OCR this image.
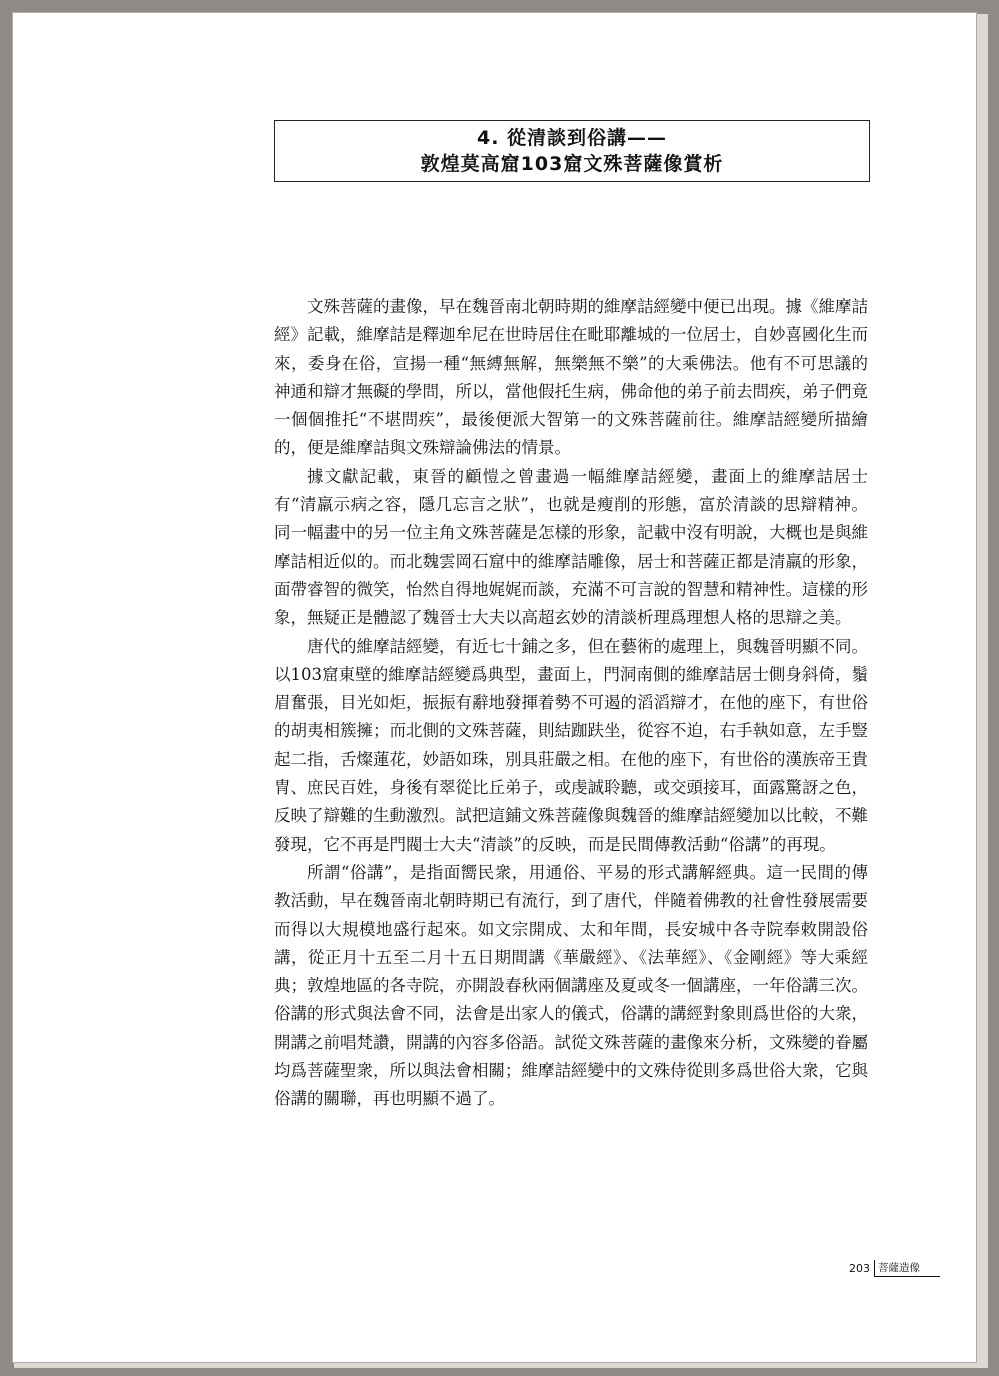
4. 從清談到俗講——
敦煌莫高窟103窟文殊菩薩像賞析

文殊菩薩的畫像，早在魏晉南北朝時期的維摩詰經變中便已出現。據《維摩詰經》記載，維摩詰是釋迦牟尼在世時居住在毗耶離城的一位居士，自妙喜國化生而來，委身在俗，宣揚一種“無縛無解，無樂無不樂”的大乘佛法。他有不可思議的神通和辯才無礙的學問，所以，當他假托生病，佛命他的弟子前去問疾，弟子們竟一個個推托“不堪問疾”，最後便派大智第一的文殊菩薩前往。維摩詰經變所描繪的，便是維摩詰與文殊辯論佛法的情景。

據文獻記載，東晉的顧愷之曾畫過一幅維摩詰經變，畫面上的維摩詰居士有“清羸示病之容，隱几忘言之狀”，也就是瘦削的形態，富於清談的思辯精神。同一幅畫中的另一位主角文殊菩薩是怎樣的形象，記載中沒有明說，大概也是與維摩詰相近似的。而北魏雲岡石窟中的維摩詰雕像，居士和菩薩正都是清羸的形象，面帶睿智的微笑，怡然自得地娓娓而談，充滿不可言說的智慧和精神性。這樣的形象，無疑正是體認了魏晉士大夫以高超玄妙的清談析理爲理想人格的思辯之美。

唐代的維摩詰經變，有近七十鋪之多，但在藝術的處理上，與魏晉明顯不同。以103窟東壁的維摩詰經變爲典型，畫面上，門洞南側的維摩詰居士側身斜倚，鬚眉奮張，目光如炬，振振有辭地發揮着勢不可遏的滔滔辯才，在他的座下，有世俗的胡夷相簇擁；而北側的文殊菩薩，則結跏趺坐，從容不迫，右手執如意，左手豎起二指，舌燦蓮花，妙語如珠，別具莊嚴之相。在他的座下，有世俗的漢族帝王貴冑、庶民百姓，身後有翠從比丘弟子，或虔誠聆聽，或交頭接耳，面露驚訝之色，反映了辯難的生動激烈。試把這鋪文殊菩薩像與魏晉的維摩詰經變加以比較，不難發現，它不再是門閥士大夫“清談”的反映，而是民間傳教活動“俗講”的再現。

所謂“俗講”，是指面嚮民衆，用通俗、平易的形式講解經典。這一民間的傳教活動，早在魏晉南北朝時期已有流行，到了唐代，伴隨着佛教的社會性發展需要而得以大規模地盛行起來。如文宗開成、太和年間，長安城中各寺院奉敕開設俗講，從正月十五至二月十五日期間講《華嚴經》、《法華經》、《金剛經》等大乘經典；敦煌地區的各寺院，亦開設春秋兩個講座及夏或冬一個講座，一年俗講三次。俗講的形式與法會不同，法會是出家人的儀式，俗講的講經對象則爲世俗的大衆，開講之前唱梵讚，開講的內容多俗語。試從文殊菩薩的畫像來分析，文殊變的眷屬均爲菩薩聖衆，所以與法會相關；維摩詰經變中的文殊侍從則多爲世俗大衆，它與俗講的關聯，再也明顯不過了。

203 菩薩造像
